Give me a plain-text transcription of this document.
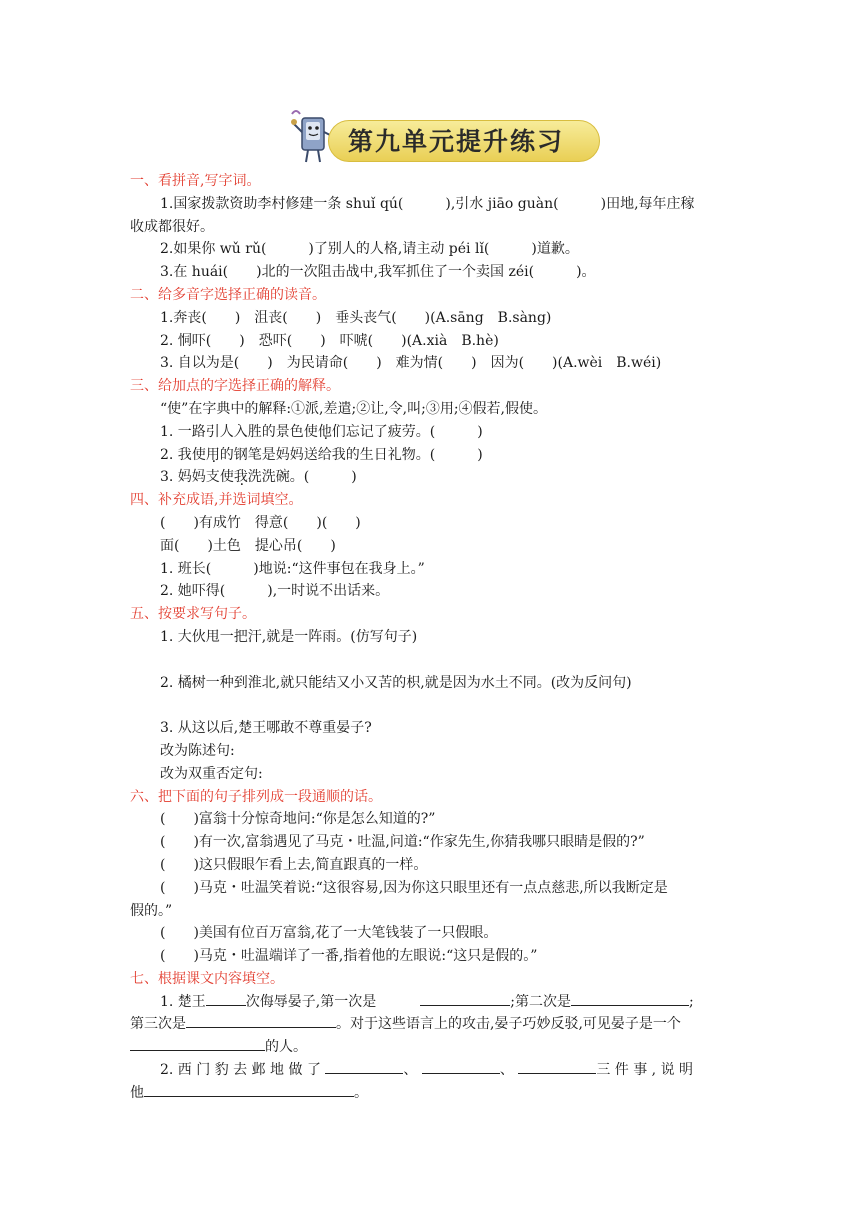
第九单元提升练习
一、看拼音,写字词。
1.国家拨款资助李村修建一条 shuǐ qú(　　　),引水 jiāo guàn(　　　)田地,每年庄稼
收成都很好。
2.如果你 wǔ rǔ(　　　)了别人的人格,请主动 péi lǐ(　　　)道歉。
3.在 huái(　　)北的一次阻击战中,我军抓住了一个卖国 zéi(　　　)。
二、给多音字选择正确的读音。
1.奔丧(　　)　沮丧(　　)　垂头丧气(　　)(A.sāng　B.sàng)
2. 恫吓(　　)　恐吓(　　)　吓唬(　　)(A.xià　B.hè)
3. 自以为是(　　)　为民请命(　　)　难为情(　　)　因为(　　)(A.wèi　B.wéi)
三、给加点的字选择正确的解释。
“使”在字典中的解释:①派,差遣;②让,令,叫;③用;④假若,假使。
1. 一路引人入胜的景色使他们忘记了疲劳。(　　　)
2. 我使用的钢笔是妈妈送给我的生日礼物。(　　　)
3. 妈妈支使我洗洗碗。(　　　)
四、补充成语,并选词填空。
(　　)有成竹　得意(　　)(　　)
面(　　)土色　提心吊(　　)
1. 班长(　　　)地说:“这件事包在我身上。”
2. 她吓得(　　　),一时说不出话来。
五、按要求写句子。
1. 大伙甩一把汗,就是一阵雨。(仿写句子)
2. 橘树一种到淮北,就只能结又小又苦的枳,就是因为水土不同。(改为反问句)
3. 从这以后,楚王哪敢不尊重晏子?
改为陈述句:
改为双重否定句:
六、把下面的句子排列成一段通顺的话。
(　　)富翁十分惊奇地问:“你是怎么知道的?”
(　　)有一次,富翁遇见了马克・吐温,问道:“作家先生,你猜我哪只眼睛是假的?”
(　　)这只假眼乍看上去,简直跟真的一样。
(　　)马克・吐温笑着说:“这很容易,因为你这只眼里还有一点点慈悲,所以我断定是
假的。”
(　　)美国有位百万富翁,花了一大笔钱装了一只假眼。
(　　)马克・吐温端详了一番,指着他的左眼说:“这只是假的。”
七、根据课文内容填空。
1. 楚王	次侮辱晏子,第一次是	;第二次是	;
第三次是	。对于这些语言上的攻击,晏子巧妙反驳,可见晏子是一个
的人。
2. 西 门 豹 去 邺 地 做 了	、	、	三 件 事 , 说 明
他	。
